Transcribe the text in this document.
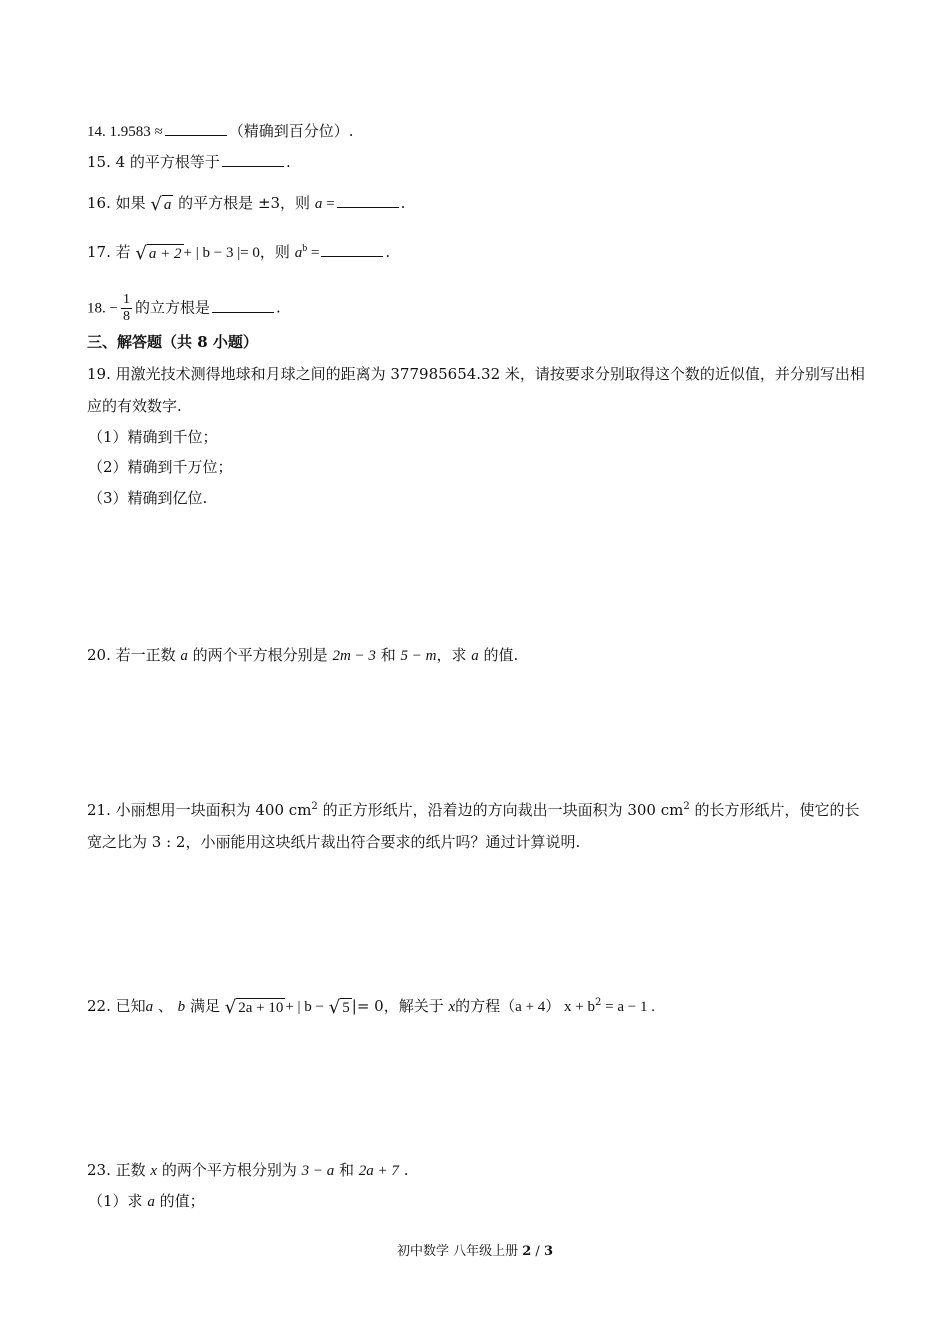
14. 1.9583 ≈	（精确到百分位）.
15. 4 的平方根等于	.
16. 如果 √ a 的平方根是 ±3，则 a =	.
17. 若 √ a + 2 + | b − 3 |= 0，则 $a^b$ =	.
18. − $\frac{1}{8}$ 的立方根是	.
三、解答题（共 8 小题）
19. 用激光技术测得地球和月球之间的距离为 377985654.32 米，请按要求分别取得这个数的近似值，并分别写出相应的有效数字.
（1）精确到千位；
（2）精确到千万位；
（3）精确到亿位.
20. 若一正数 a 的两个平方根分别是 2m − 3 和 5 − m，求 a 的值.
21. 小丽想用一块面积为 400 $cm^2$ 的正方形纸片，沿着边的方向裁出一块面积为 300 $cm^2$ 的长方形纸片，使它的长宽之比为 3 : 2，小丽能用这块纸片裁出符合要求的纸片吗？通过计算说明.
22. 已知a 、 b 满足 √ 2a + 10 + | b − √ 5 |= 0，解关于 x的方程（a + 4） $x + b^2 = a - 1$ .
23. 正数 x 的两个平方根分别为 3 − a 和 2a + 7 .
（1）求 a 的值；
初中数学 八年级上册 2 / 3
